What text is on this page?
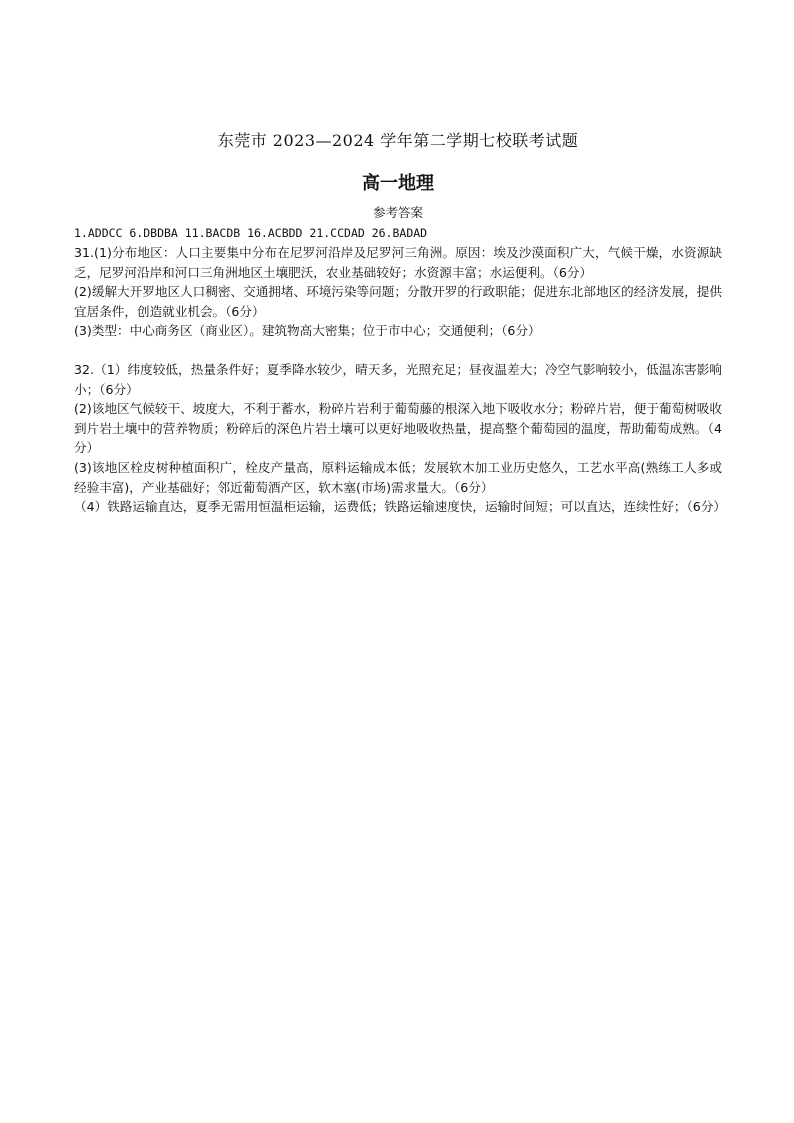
东莞市 2023—2024 学年第二学期七校联考试题
高一地理
参考答案
1.ADDCC 6.DBDBA 11.BACDB 16.ACBDD 21.CCDAD 26.BADAD

31.(1)分布地区：人口主要集中分布在尼罗河沿岸及尼罗河三角洲。原因：埃及沙漠面积广大，气候干燥，水资源缺乏，尼罗河沿岸和河口三角洲地区土壤肥沃，农业基础较好；水资源丰富；水运便利。（6分）

(2)缓解大开罗地区人口稠密、交通拥堵、环境污染等问题；分散开罗的行政职能；促进东北部地区的经济发展，提供宜居条件，创造就业机会。（6分）

(3)类型：中心商务区（商业区）。建筑物高大密集；位于市中心；交通便利；（6分）

32.（1）纬度较低，热量条件好；夏季降水较少，晴天多，光照充足；昼夜温差大；冷空气影响较小，低温冻害影响小；（6分）

(2)该地区气候较干、坡度大，不利于蓄水，粉碎片岩利于葡萄藤的根深入地下吸收水分；粉碎片岩，便于葡萄树吸收到片岩土壤中的营养物质；粉碎后的深色片岩土壤可以更好地吸收热量，提高整个葡萄园的温度，帮助葡萄成熟。（4分）

(3)该地区栓皮树种植面积广，栓皮产量高，原料运输成本低；发展软木加工业历史悠久，工艺水平高(熟练工人多或经验丰富)，产业基础好；邻近葡萄酒产区，软木塞(市场)需求量大。（6分）

（4）铁路运输直达，夏季无需用恒温柜运输，运费低；铁路运输速度快，运输时间短；可以直达，连续性好；（6分）
